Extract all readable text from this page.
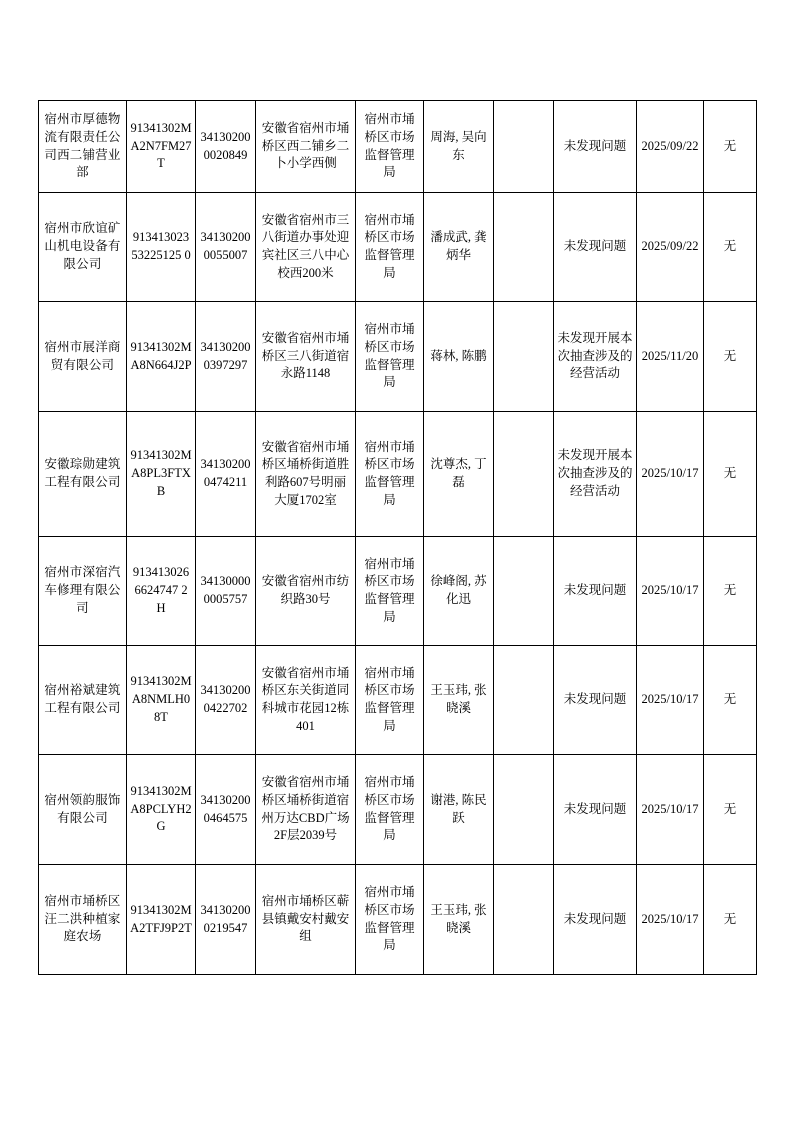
宿州市厚德物流有限责任公司西二铺营业部	91341302MA2N7FM27T	341302000020849	安徽省宿州市埇桥区西二铺乡二卜小学西侧	宿州市埇桥区市场监督管理局	周海, 吴向东		未发现问题	2025/09/22	无
宿州市欣谊矿山机电设备有限公司	91341302353225125 0	341302000055007	安徽省宿州市三八街道办事处迎宾社区三八中心校西200米	宿州市埇桥区市场监督管理局	潘成武, 龚炳华		未发现问题	2025/09/22	无
宿州市展洋商贸有限公司	91341302MA8N664J2P	341302000397297	安徽省宿州市埇桥区三八街道宿永路1148	宿州市埇桥区市场监督管理局	蒋林, 陈鹏		未发现开展本次抽查涉及的经营活动	2025/11/20	无
安徽琮勋建筑工程有限公司	91341302MA8PL3FTXB	341302000474211	安徽省宿州市埇桥区埇桥街道胜利路607号明丽大厦1702室	宿州市埇桥区市场监督管理局	沈尊杰, 丁磊		未发现开展本次抽查涉及的经营活动	2025/10/17	无
宿州市深宿汽车修理有限公司	9134130266624747 2H	341300000005757	安徽省宿州市纺织路30号	宿州市埇桥区市场监督管理局	徐峰阁, 苏化迅		未发现问题	2025/10/17	无
宿州裕斌建筑工程有限公司	91341302MA8NMLH08T	341302000422702	安徽省宿州市埇桥区东关街道同科城市花园12栋401	宿州市埇桥区市场监督管理局	王玉玮, 张晓溪		未发现问题	2025/10/17	无
宿州领韵服饰有限公司	91341302MA8PCLYH2G	341302000464575	安徽省宿州市埇桥区埇桥街道宿州万达CBD广场2F层2039号	宿州市埇桥区市场监督管理局	谢港, 陈民跃		未发现问题	2025/10/17	无
宿州市埇桥区汪二洪种植家庭农场	91341302MA2TFJ9P2T	341302000219547	宿州市埇桥区蕲县镇戴安村戴安组	宿州市埇桥区市场监督管理局	王玉玮, 张晓溪		未发现问题	2025/10/17	无
